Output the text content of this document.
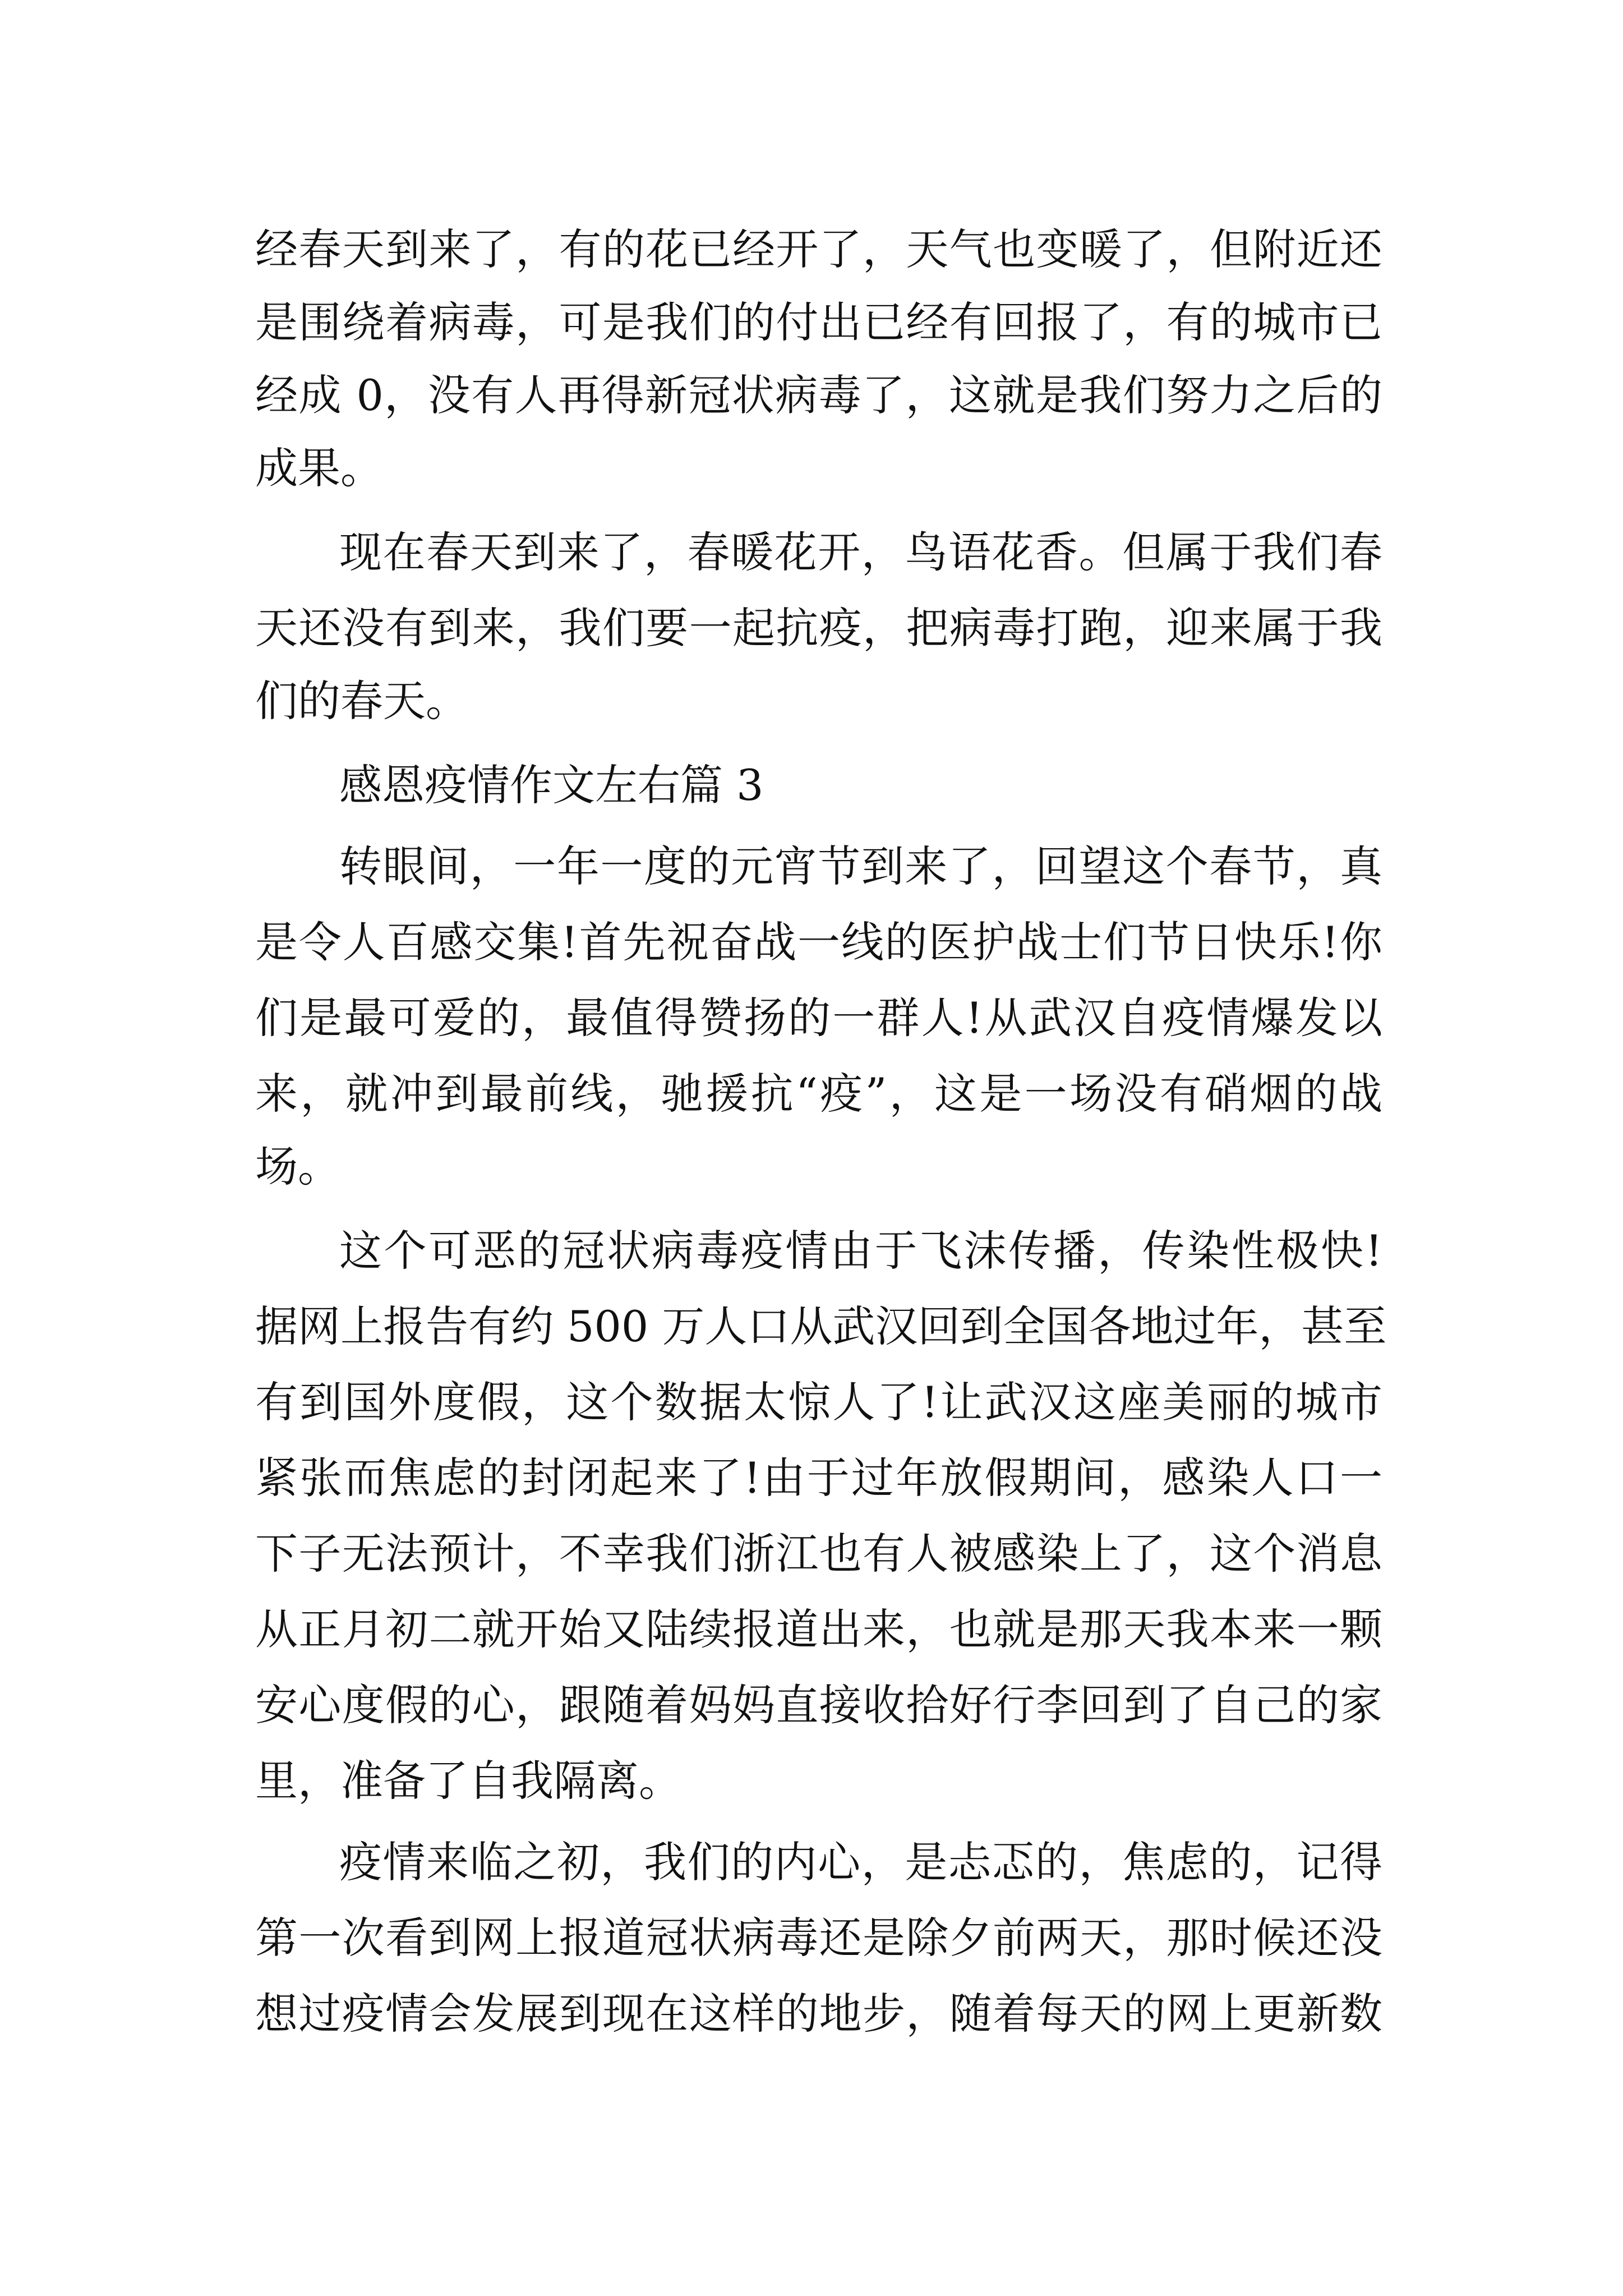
经春天到来了，有的花已经开了，天气也变暖了，但附近还
是围绕着病毒，可是我们的付出已经有回报了，有的城市已
经成 0，没有人再得新冠状病毒了，这就是我们努力之后的
成果。
现在春天到来了，春暖花开，鸟语花香。但属于我们春
天还没有到来，我们要一起抗疫，把病毒打跑，迎来属于我
们的春天。
感恩疫情作文左右篇 3
转眼间，一年一度的元宵节到来了，回望这个春节，真
是令人百感交集!首先祝奋战一线的医护战士们节日快乐!你
们是最可爱的，最值得赞扬的一群人!从武汉自疫情爆发以
来，就冲到最前线，驰援抗“疫”，这是一场没有硝烟的战
场。
这个可恶的冠状病毒疫情由于飞沫传播，传染性极快!
据网上报告有约 500 万人口从武汉回到全国各地过年，甚至
有到国外度假，这个数据太惊人了!让武汉这座美丽的城市
紧张而焦虑的封闭起来了!由于过年放假期间，感染人口一
下子无法预计，不幸我们浙江也有人被感染上了，这个消息
从正月初二就开始又陆续报道出来，也就是那天我本来一颗
安心度假的心，跟随着妈妈直接收拾好行李回到了自己的家
里，准备了自我隔离。
疫情来临之初，我们的内心，是忐忑的，焦虑的，记得
第一次看到网上报道冠状病毒还是除夕前两天，那时候还没
想过疫情会发展到现在这样的地步，随着每天的网上更新数
